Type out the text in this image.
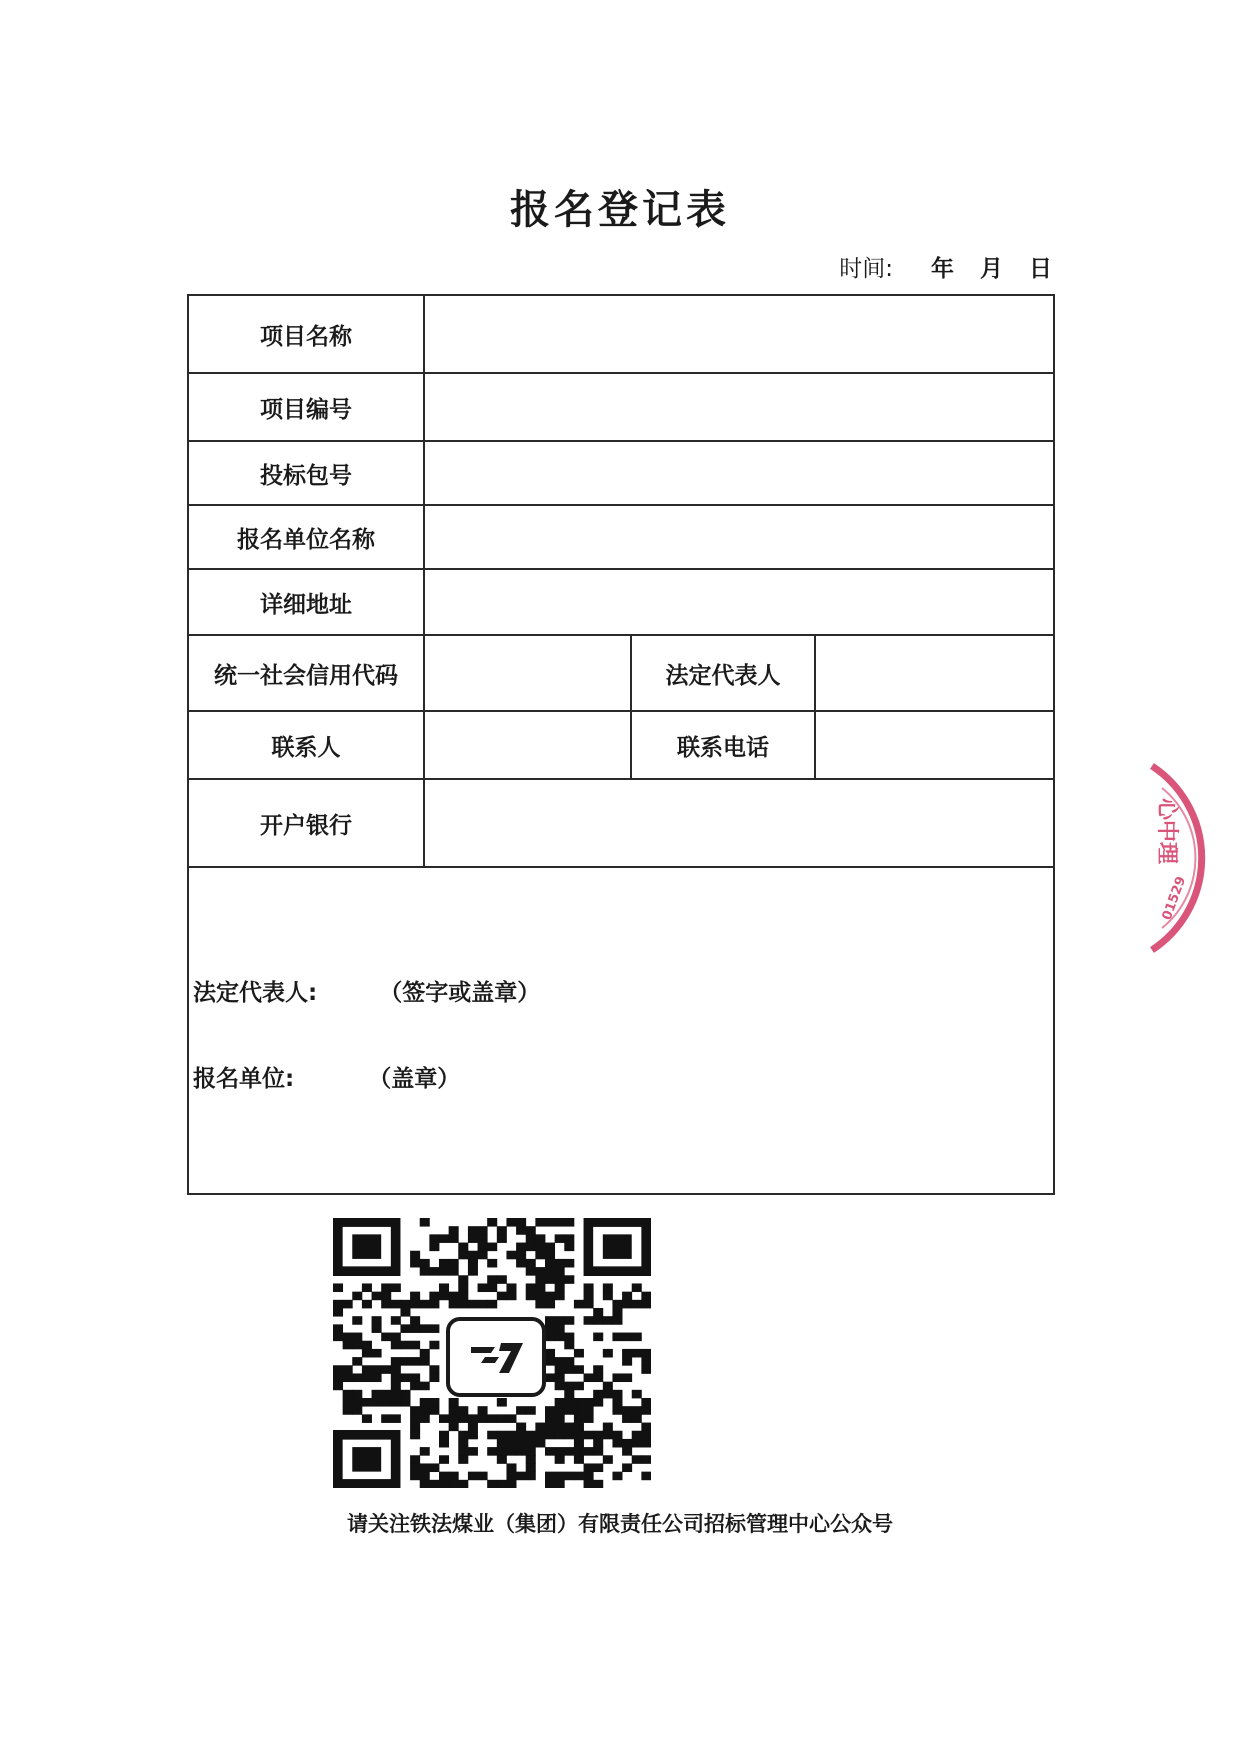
报名登记表
时间: 年 月 日
项目名称			
项目编号			
投标包号			
报名单位名称			
详细地址			
统一社会信用代码		法定代表人	
联系人		联系电话	
开户银行			

法定代表人: （签字或盖章）
报名单位: （盖章）			
请关注铁法煤业（集团）有限责任公司招标管理中心公众号
心中理
01529
